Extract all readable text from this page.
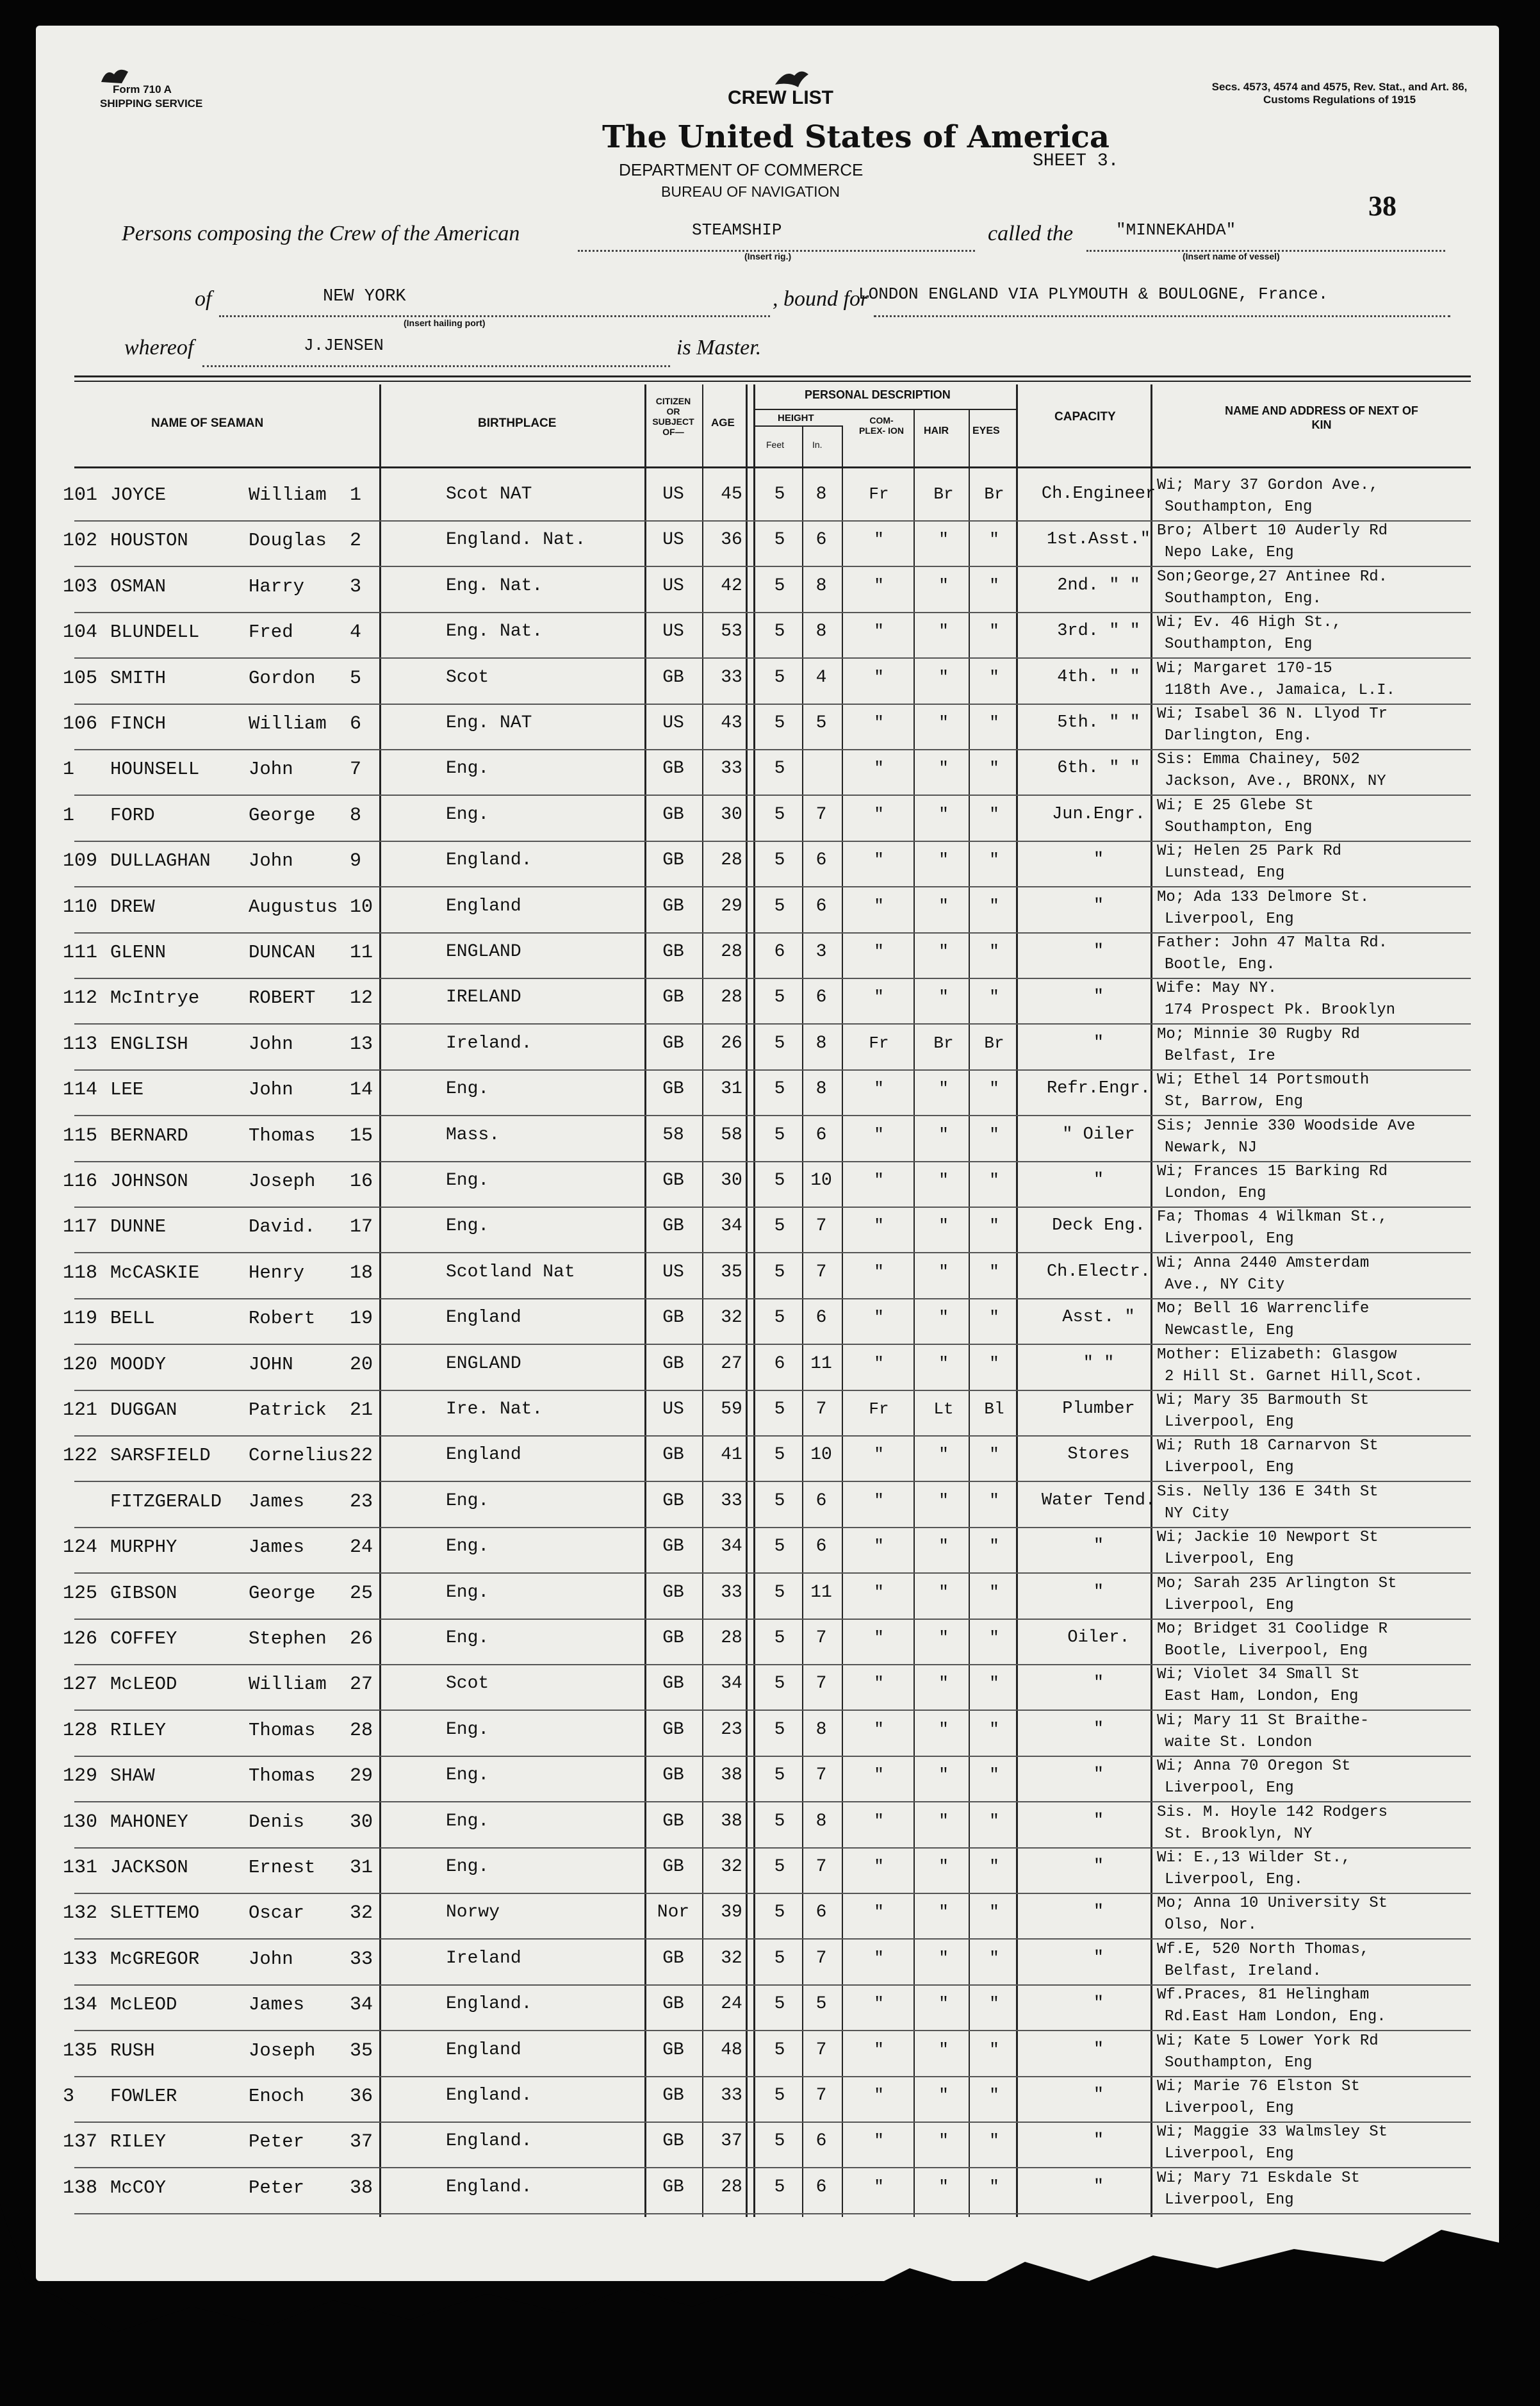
Form 710 A
SHIPPING SERVICE	CREW LIST
The United States of America
DEPARTMENT OF COMMERCE
BUREAU OF NAVIGATION
Secs. 4573, 4574 and 4575, Rev. Stat., and Art. 86, Customs Regulations of 1915
SHEET 3.
38
Persons composing the Crew of the American	STEAMSHIP
(Insert rig.)
called the	"MINNEKAHDA"
(Insert name of vessel)
of	NEW YORK
(Insert hailing port)
, bound for
LONDON ENGLAND VIA PLYMOUTH & BOULOGNE, France.
whereof	J.JENSEN	is Master.
NAME OF SEAMAN	BIRTHPLACE
CITIZEN OR SUBJECT OF—
AGE
PERSONAL DESCRIPTION
HEIGHT
Feet	In.
COM- PLEX- ION	HAIR EYES
CAPACITY	NAME AND ADDRESS OF NEXT OF KIN
101 JOYCE	William 1	Scot NAT	US	45	5	8	Fr	Br	Br	Ch.Engineer Wi; Mary 37 Gordon Ave.,
Southampton, Eng
102 HOUSTON	Douglas 2	England. Nat.	US	36	5	6	"	"	"	1st.Asst." Bro; Albert 10 Auderly Rd
Nepo Lake, Eng
103 OSMAN	Harry 3	Eng. Nat.	US	42	5	8	"	"	"	2nd. " "	Son;George,27 Antinee Rd.
Southampton, Eng.
104 BLUNDELL	Fred	4	Eng. Nat.	US	53	5	8	"	"	"	3rd. " "	Wi; Ev. 46 High St.,
Southampton, Eng
105 SMITH	Gordon 5	Scot	GB	33	5	4	"	"	"	4th. " "	Wi; Margaret 170-15
118th Ave., Jamaica, L.I.
106 FINCH	William 6	Eng. NAT	US	43	5	5	"	"	"	5th. " "	Wi; Isabel 36 N. Llyod Tr
Darlington, Eng.
1	HOUNSELL	John	7	Eng.	GB	33	5	"	"	"	6th. " "	Sis: Emma Chainey, 502
Jackson, Ave., BRONX, NY
1	FORD	George 8	Eng.	GB	30	5	7	"	"	"	Jun.Engr. Wi; E 25 Glebe St
Southampton, Eng
109 DULLAGHAN John	9	England.	GB	28	5	6	"	"	"	"	Wi; Helen 25 Park Rd
Lunstead, Eng
110 DREW	Augustus 10	England	GB	29	5	6	"	"	"	"	Mo; Ada 133 Delmore St.
Liverpool, Eng
111 GLENN	DUNCAN 11	ENGLAND	GB	28	6	3	"	"	"	"	Father: John 47 Malta Rd.
Bootle, Eng.
112 McIntrye	ROBERT 12	IRELAND	GB	28	5	6	"	"	"	"	Wife: May NY.
174 Prospect Pk. Brooklyn
113 ENGLISH	John	13	Ireland.	GB	26	5	8	Fr	Br	Br	"	Mo; Minnie 30 Rugby Rd
Belfast, Ire
114 LEE	John	14	Eng.	GB	31	5	8	"	"	"	Refr.Engr. Wi; Ethel 14 Portsmouth
St, Barrow, Eng
115 BERNARD	Thomas 15	Mass.	58	58	5	6	"	"	"	" Oiler	Sis; Jennie 330 Woodside Ave
Newark, NJ
116 JOHNSON	Joseph 16	Eng.	GB	30	5	10	"	"	"	"	Wi; Frances 15 Barking Rd
London, Eng
117 DUNNE	David. 17	Eng.	GB	34	5	7	"	"	"	Deck Eng. Fa; Thomas 4 Wilkman St.,
Liverpool, Eng
118 McCASKIE	Henry 18	Scotland Nat	US	35	5	7	"	"	"	Ch.Electr. Wi; Anna 2440 Amsterdam
Ave., NY City
119 BELL	Robert 19	England	GB	32	5	6	"	"	"	Asst. "	Mo; Bell 16 Warrenclife
Newcastle, Eng
120 MOODY	JOHN	20	ENGLAND	GB	27	6	11	"	"	"	" "	Mother: Elizabeth: Glasgow
2 Hill St. Garnet Hill,Scot.
121 DUGGAN	Patrick 21	Ire. Nat.	US	59	5	7	Fr	Lt	Bl	Plumber	Wi; Mary 35 Barmouth St
Liverpool, Eng
122 SARSFIELD Cornelius 22	England	GB	41	5	10	"	"	"	Stores	Wi; Ruth 18 Carnarvon St
Liverpool, Eng
FITZGERALD James 23	Eng.	GB	33	5	6	"	"	"	Water Tend. Sis. Nelly 136 E 34th St
NY City
124 MURPHY	James 24	Eng.	GB	34	5	6	"	"	"	"	Wi; Jackie 10 Newport St
Liverpool, Eng
125 GIBSON	George 25	Eng.	GB	33	5	11	"	"	"	"	Mo; Sarah 235 Arlington St
Liverpool, Eng
126 COFFEY	Stephen 26	Eng.	GB	28	5	7	"	"	"	Oiler.	Mo; Bridget 31 Coolidge R
Bootle, Liverpool, Eng
127 McLEOD	William 27	Scot	GB	34	5	7	"	"	"	"	Wi; Violet 34 Small St
East Ham, London, Eng
128 RILEY	Thomas 28	Eng.	GB	23	5	8	"	"	"	"	Wi; Mary 11 St Braithe-
waite St. London
129 SHAW	Thomas 29	Eng.	GB	38	5	7	"	"	"	"	Wi; Anna 70 Oregon St
Liverpool, Eng
130 MAHONEY	Denis 30	Eng.	GB	38	5	8	"	"	"	"	Sis. M. Hoyle 142 Rodgers
St. Brooklyn, NY
131 JACKSON	Ernest 31	Eng.	GB	32	5	7	"	"	"	"	Wi: E.,13 Wilder St.,
Liverpool, Eng.
132 SLETTEMO	Oscar 32	Norwy	Nor	39	5	6	"	"	"	"	Mo; Anna 10 University St
Olso, Nor.
133 McGREGOR	John	33	Ireland	GB	32	5	7	"	"	"	"	Wf.E, 520 North Thomas,
Belfast, Ireland.
134 McLEOD	James 34	England.	GB	24	5	5	"	"	"	"	Wf.Praces, 81 Helingham
Rd.East Ham London, Eng.
135 RUSH	Joseph 35	England	GB	48	5	7	"	"	"	"	Wi; Kate 5 Lower York Rd
Southampton, Eng
3	FOWLER	Enoch 36	England.	GB	33	5	7	"	"	"	"	Wi; Marie 76 Elston St
Liverpool, Eng
137 RILEY	Peter 37	England.	GB	37	5	6	"	"	"	"	Wi; Maggie 33 Walmsley St
Liverpool, Eng
138 McCOY	Peter 38	England.	GB	28	5	6	"	"	"	"	Wi; Mary 71 Eskdale St
Liverpool, Eng
